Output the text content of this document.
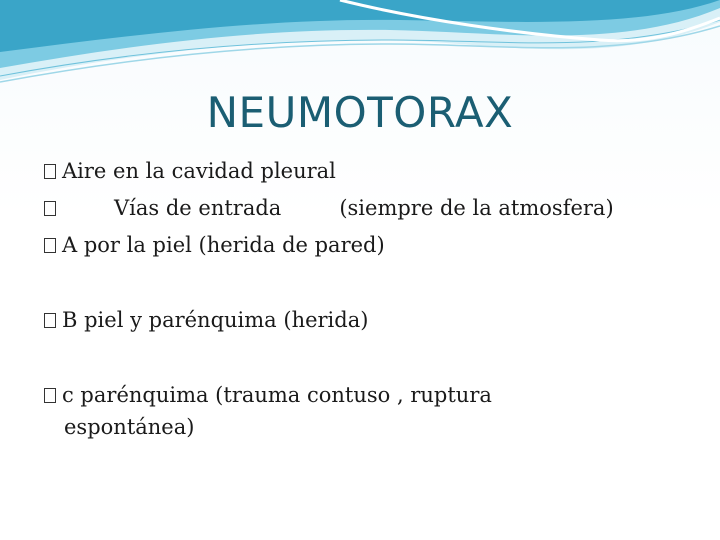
NEUMOTORAX
Aire en la cavidad pleural
Vías de entrada	(siempre de la atmosfera)
A por la piel (herida de pared)
B piel y parénquima (herida)
c parénquima (trauma contuso , ruptura
espontánea)
